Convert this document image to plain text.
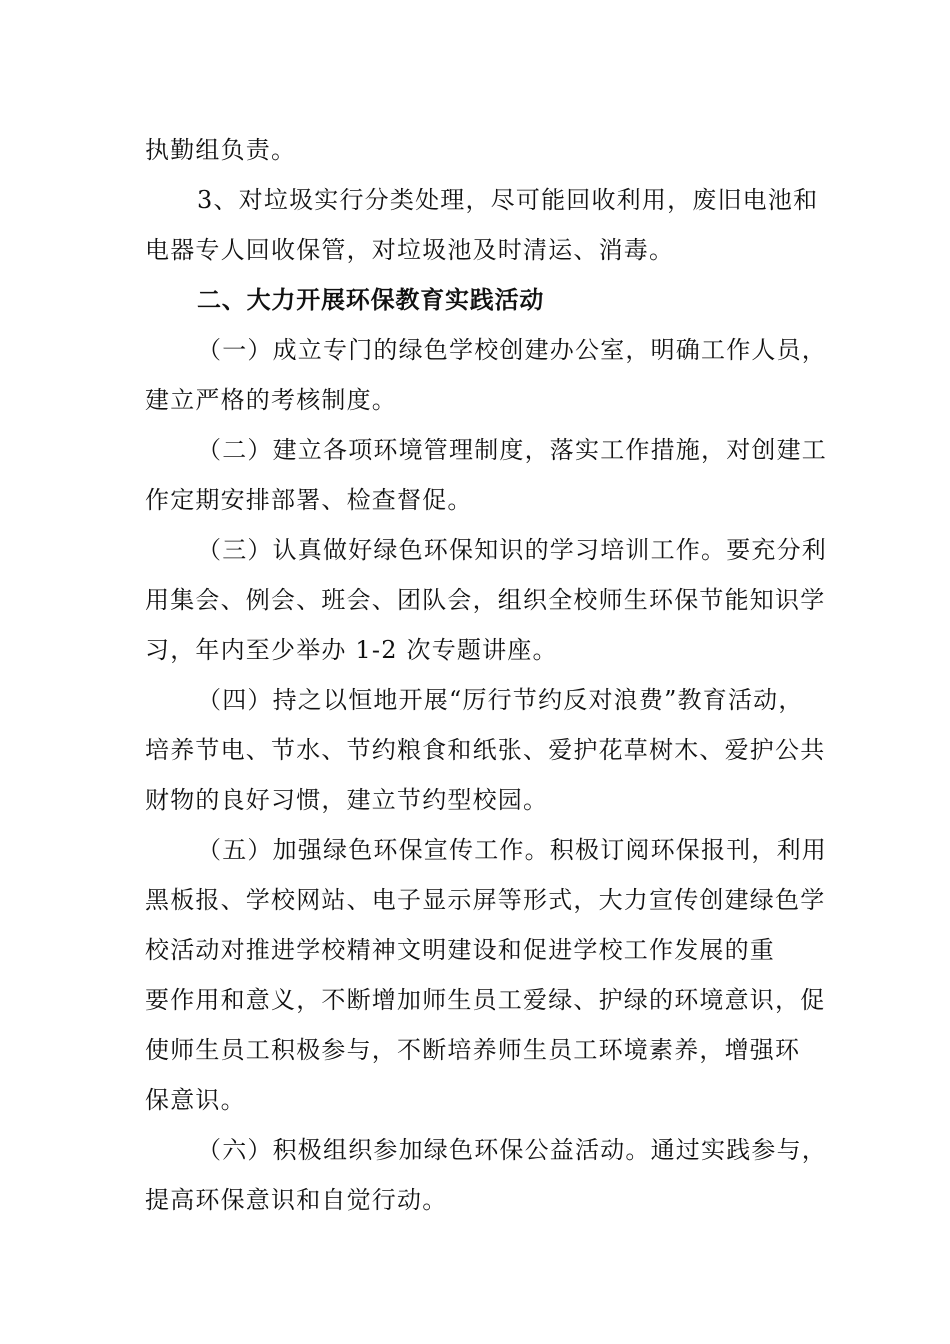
执勤组负责。

3、对垃圾实行分类处理，尽可能回收利用，废旧电池和

电器专人回收保管，对垃圾池及时清运、消毒。

二、大力开展环保教育实践活动

（一）成立专门的绿色学校创建办公室，明确工作人员，

建立严格的考核制度。

（二）建立各项环境管理制度，落实工作措施，对创建工

作定期安排部署、检查督促。

（三）认真做好绿色环保知识的学习培训工作。要充分利

用集会、例会、班会、团队会，组织全校师生环保节能知识学

习，年内至少举办 1-2 次专题讲座。

（四）持之以恒地开展“厉行节约反对浪费”教育活动，

培养节电、节水、节约粮食和纸张、爱护花草树木、爱护公共

财物的良好习惯，建立节约型校园。

（五）加强绿色环保宣传工作。积极订阅环保报刊，利用

黑板报、学校网站、电子显示屏等形式，大力宣传创建绿色学

校活动对推进学校精神文明建设和促进学校工作发展的重

要作用和意义，不断增加师生员工爱绿、护绿的环境意识，促

使师生员工积极参与，不断培养师生员工环境素养，增强环

保意识。

（六）积极组织参加绿色环保公益活动。通过实践参与，

提高环保意识和自觉行动。
